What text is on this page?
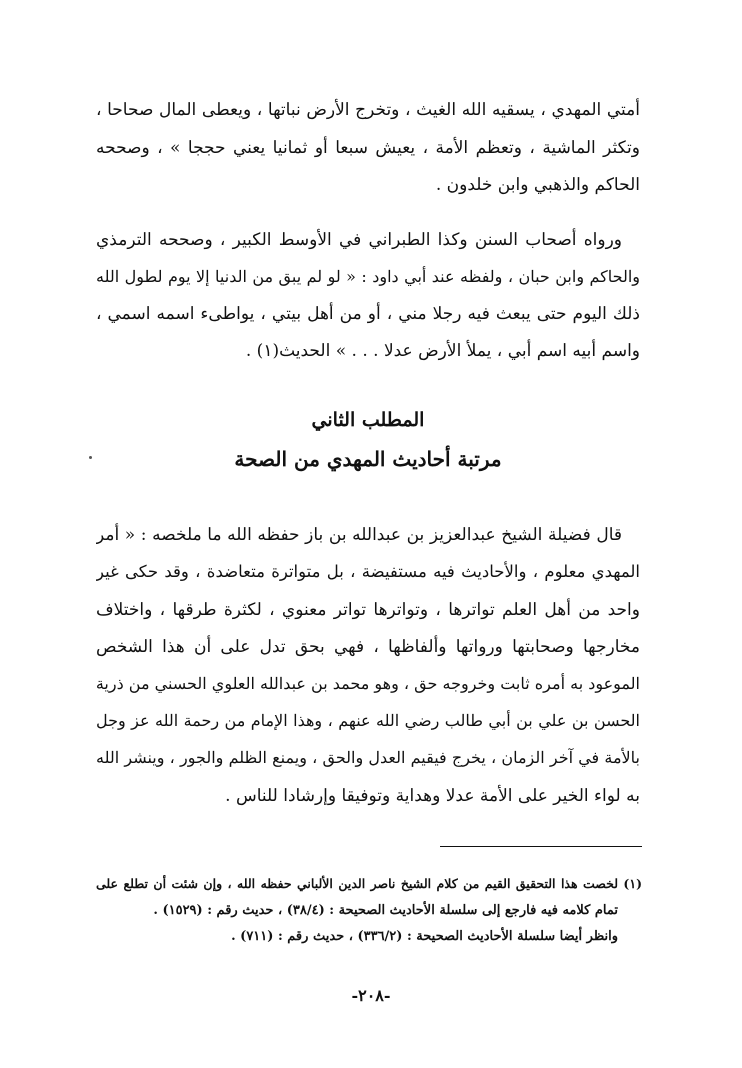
أمتي المهدي ، يسقيه الله الغيث ، وتخرج الأرض نباتها ، ويعطى المال صحاحا ،
وتكثر الماشية ، وتعظم الأمة ، يعيش سبعا أو ثمانيا يعني حججا » ، وصححه
الحاكم والذهبي وابن خلدون .
ورواه أصحاب السنن وكذا الطبراني في الأوسط الكبير ، وصححه الترمذي
والحاكم وابن حبان ، ولفظه عند أبي داود : « لو لم يبق من الدنيا إلا يوم لطول الله
ذلك اليوم حتى يبعث فيه رجلا مني ، أو من أهل بيتي ، يواطىء اسمه اسمي ،
واسم أبيه اسم أبي ، يملأ الأرض عدلا . . . » الحديث(١) .
المطلب الثاني
مرتبة أحاديث المهدي من الصحة
قال فضيلة الشيخ عبدالعزيز بن عبدالله بن باز حفظه الله ما ملخصه : « أمر
المهدي معلوم ، والأحاديث فيه مستفيضة ، بل متواترة متعاضدة ، وقد حكى غير
واحد من أهل العلم تواترها ، وتواترها تواتر معنوي ، لكثرة طرقها ، واختلاف
مخارجها وصحابتها ورواتها وألفاظها ، فهي بحق تدل على أن هذا الشخص
الموعود به أمره ثابت وخروجه حق ، وهو محمد بن عبدالله العلوي الحسني من ذرية
الحسن بن علي بن أبي طالب رضي الله عنهم ، وهذا الإمام من رحمة الله عز وجل
بالأمة في آخر الزمان ، يخرج فيقيم العدل والحق ، ويمنع الظلم والجور ، وينشر الله
به لواء الخير على الأمة عدلا وهداية وتوفيقا وإرشادا للناس .
(١) لخصت هذا التحقيق القيم من كلام الشيخ ناصر الدين الألباني حفظه الله ، وإن شئت أن تطلع على
تمام كلامه فيه فارجع إلى سلسلة الأحاديث الصحيحة : (٣٨/٤) ، حديث رقم : (١٥٢٩) .
وانظر أيضا سلسلة الأحاديث الصحيحة : (٣٣٦/٢) ، حديث رقم : (٧١١) .
-٢٠٨-
